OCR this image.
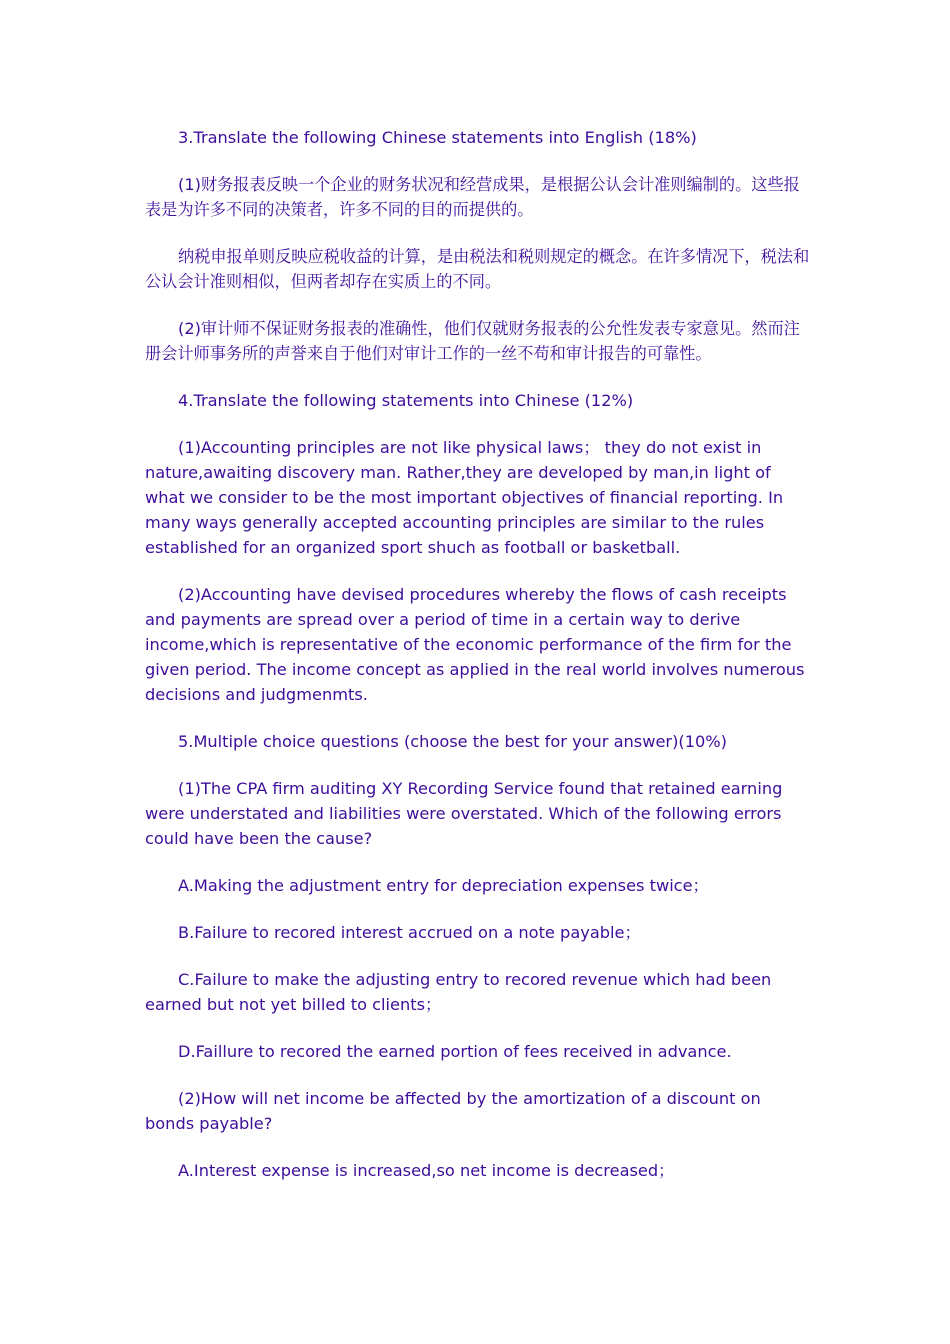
3.Translate the following Chinese statements into English (18%)

(1)财务报表反映一个企业的财务状况和经营成果，是根据公认会计准则编制的。这些报表是为许多不同的决策者，许多不同的目的而提供的。

纳税申报单则反映应税收益的计算，是由税法和税则规定的概念。在许多情况下，税法和公认会计准则相似，但两者却存在实质上的不同。

(2)审计师不保证财务报表的准确性，他们仅就财务报表的公允性发表专家意见。然而注册会计师事务所的声誉来自于他们对审计工作的一丝不苟和审计报告的可靠性。

4.Translate the following statements into Chinese (12%)

(1)Accounting principles are not like physical laws； they do not exist in nature,awaiting discovery man. Rather,they are developed by man,in light of what we consider to be the most important objectives of financial reporting. In many ways generally accepted accounting principles are similar to the rules established for an organized sport shuch as football or basketball.

(2)Accounting have devised procedures whereby the flows of cash receipts and payments are spread over a period of time in a certain way to derive income,which is representative of the economic performance of the firm for the given period. The income concept as applied in the real world involves numerous decisions and judgmenmts.

5.Multiple choice questions (choose the best for your answer)(10%)

(1)The CPA firm auditing XY Recording Service found that retained earning were understated and liabilities were overstated. Which of the following errors could have been the cause?

A.Making the adjustment entry for depreciation expenses twice；

B.Failure to recored interest accrued on a note payable；

C.Failure to make the adjusting entry to recored revenue which had been earned but not yet billed to clients；

D.Faillure to recored the earned portion of fees received in advance.

(2)How will net income be affected by the amortization of a discount on bonds payable?

A.Interest expense is increased,so net income is decreased；
